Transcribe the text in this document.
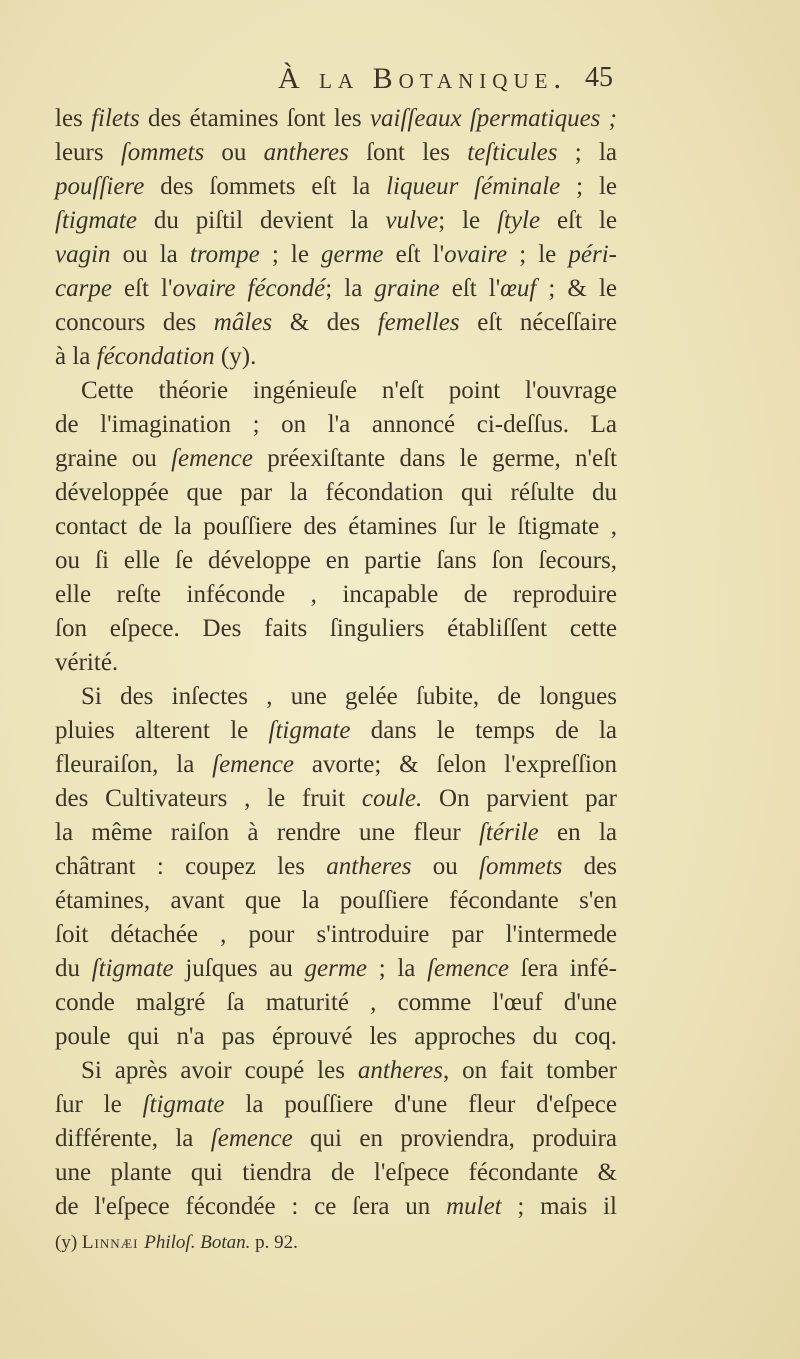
À la Botanique. 45
les filets des étamines ſont les vaiſſeaux ſpermatiques ;
leurs ſommets ou antheres ſont les teſticules ; la
pouſſiere des ſommets eſt la liqueur ſéminale ; le
ſtigmate du piſtil devient la vulve; le ſtyle eſt le
vagin ou la trompe ; le germe eſt l'ovaire ; le péri-
carpe eſt l'ovaire fécondé; la graine eſt l'œuf ; & le
concours des mâles & des femelles eſt néceſſaire
à la fécondation (y).
Cette théorie ingénieuſe n'eſt point l'ouvrage
de l'imagination ; on l'a annoncé ci-deſſus. La
graine ou ſemence préexiſtante dans le germe, n'eſt
développée que par la fécondation qui réſulte du
contact de la pouſſiere des étamines ſur le ſtigmate ,
ou ſi elle ſe développe en partie ſans ſon ſecours,
elle reſte inféconde , incapable de reproduire
ſon eſpece. Des faits ſinguliers établiſſent cette
vérité.
Si des inſectes , une gelée ſubite, de longues
pluies alterent le ſtigmate dans le temps de la
fleuraiſon, la ſemence avorte; & ſelon l'expreſſion
des Cultivateurs , le fruit coule. On parvient par
la même raiſon à rendre une fleur ſtérile en la
châtrant : coupez les antheres ou ſommets des
étamines, avant que la pouſſiere fécondante s'en
ſoit détachée , pour s'introduire par l'intermede
du ſtigmate juſques au germe ; la ſemence ſera infé-
conde malgré ſa maturité , comme l'œuf d'une
poule qui n'a pas éprouvé les approches du coq.
Si après avoir coupé les antheres, on fait tomber
ſur le ſtigmate la pouſſiere d'une fleur d'eſpece
différente, la ſemence qui en proviendra, produira
une plante qui tiendra de l'eſpece fécondante &
de l'eſpece fécondée : ce ſera un mulet ; mais il
(y) Linnæi Philoſ. Botan. p. 92.
